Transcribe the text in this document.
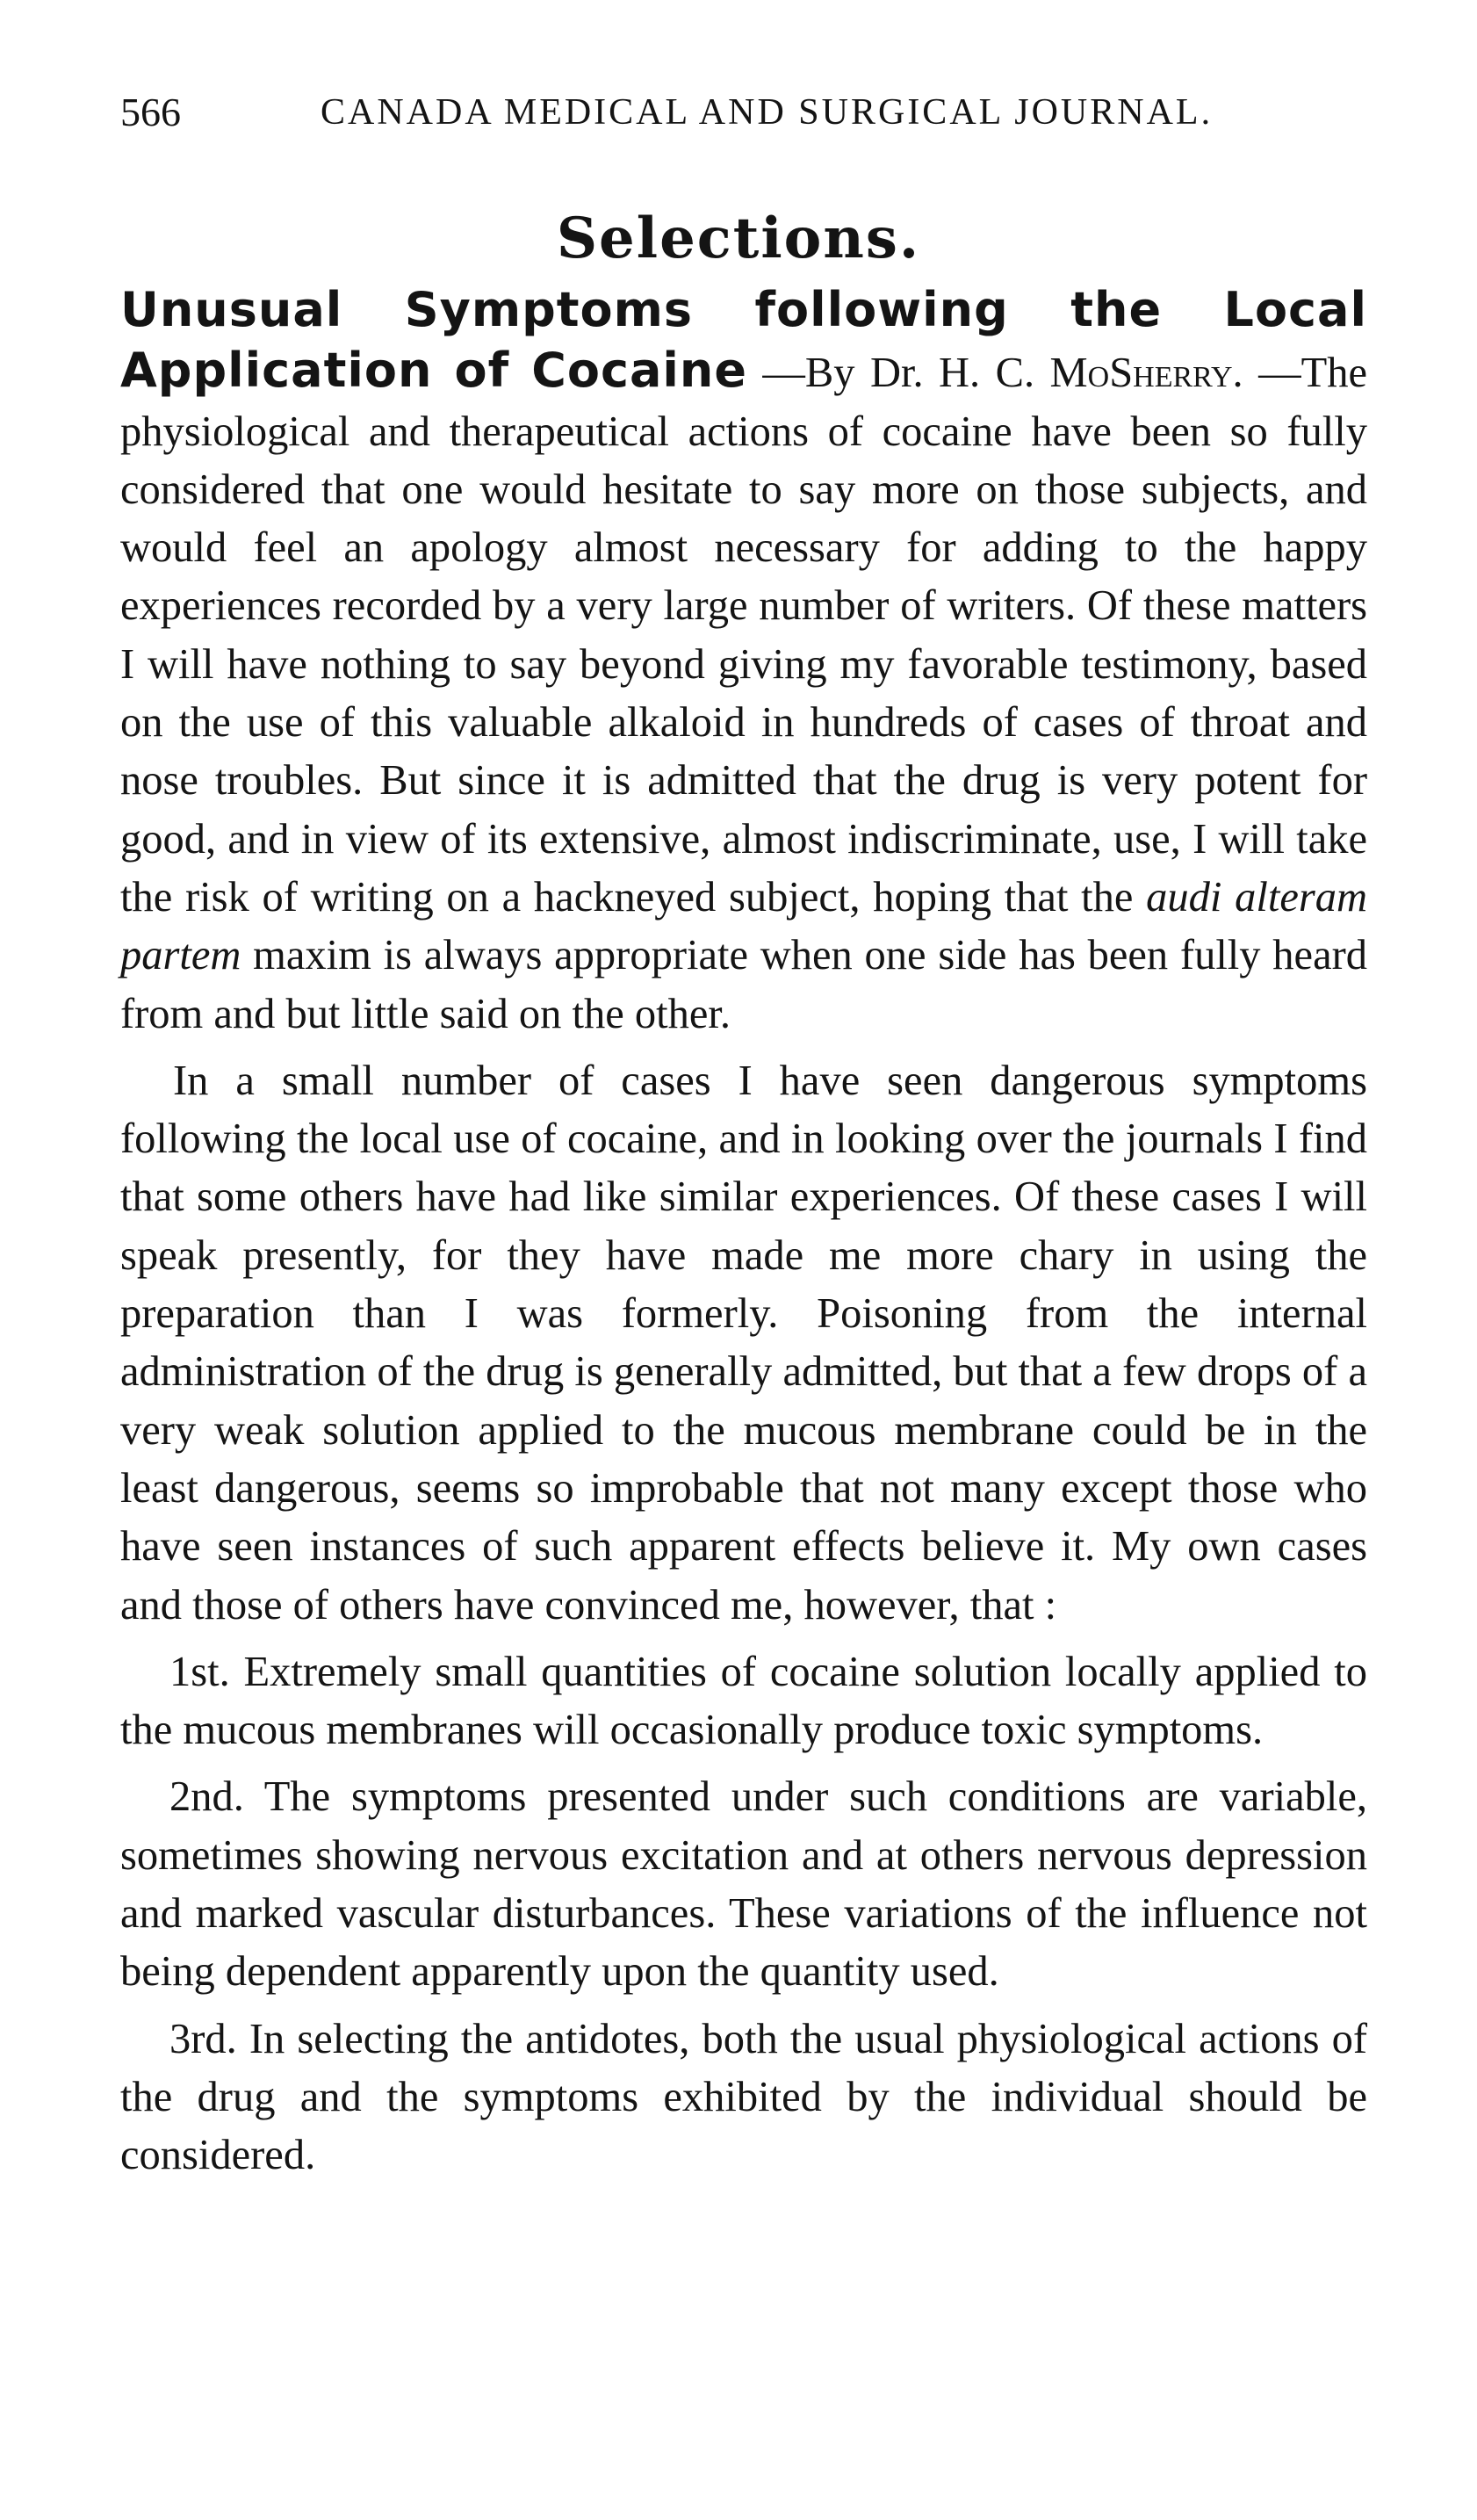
566	CANADA MEDICAL AND SURGICAL JOURNAL.
Selections.

Unusual Symptoms following the Local Application of Cocaine —By Dr. H. C. MoSherry. —The physiological and therapeutical actions of cocaine have been so fully considered that one would hesitate to say more on those subjects, and would feel an apology almost necessary for adding to the happy experiences recorded by a very large number of writers. Of these matters I will have nothing to say beyond giving my favorable testimony, based on the use of this valuable alkaloid in hundreds of cases of throat and nose troubles. But since it is admitted that the drug is very potent for good, and in view of its extensive, almost indiscriminate, use, I will take the risk of writing on a hackneyed subject, hoping that the audi alteram partem maxim is always appropriate when one side has been fully heard from and but little said on the other.

In a small number of cases I have seen dangerous symptoms following the local use of cocaine, and in looking over the journals I find that some others have had like similar experiences. Of these cases I will speak presently, for they have made me more chary in using the preparation than I was formerly. Poisoning from the internal administration of the drug is generally admitted, but that a few drops of a very weak solution applied to the mucous membrane could be in the least dangerous, seems so improbable that not many except those who have seen instances of such apparent effects believe it. My own cases and those of others have convinced me, however, that :

1st. Extremely small quantities of cocaine solution locally applied to the mucous membranes will occasionally produce toxic symptoms.

2nd. The symptoms presented under such conditions are variable, sometimes showing nervous excitation and at others nervous depression and marked vascular disturbances. These variations of the influence not being dependent apparently upon the quantity used.

3rd. In selecting the antidotes, both the usual physiological actions of the drug and the symptoms exhibited by the individual should be considered.
